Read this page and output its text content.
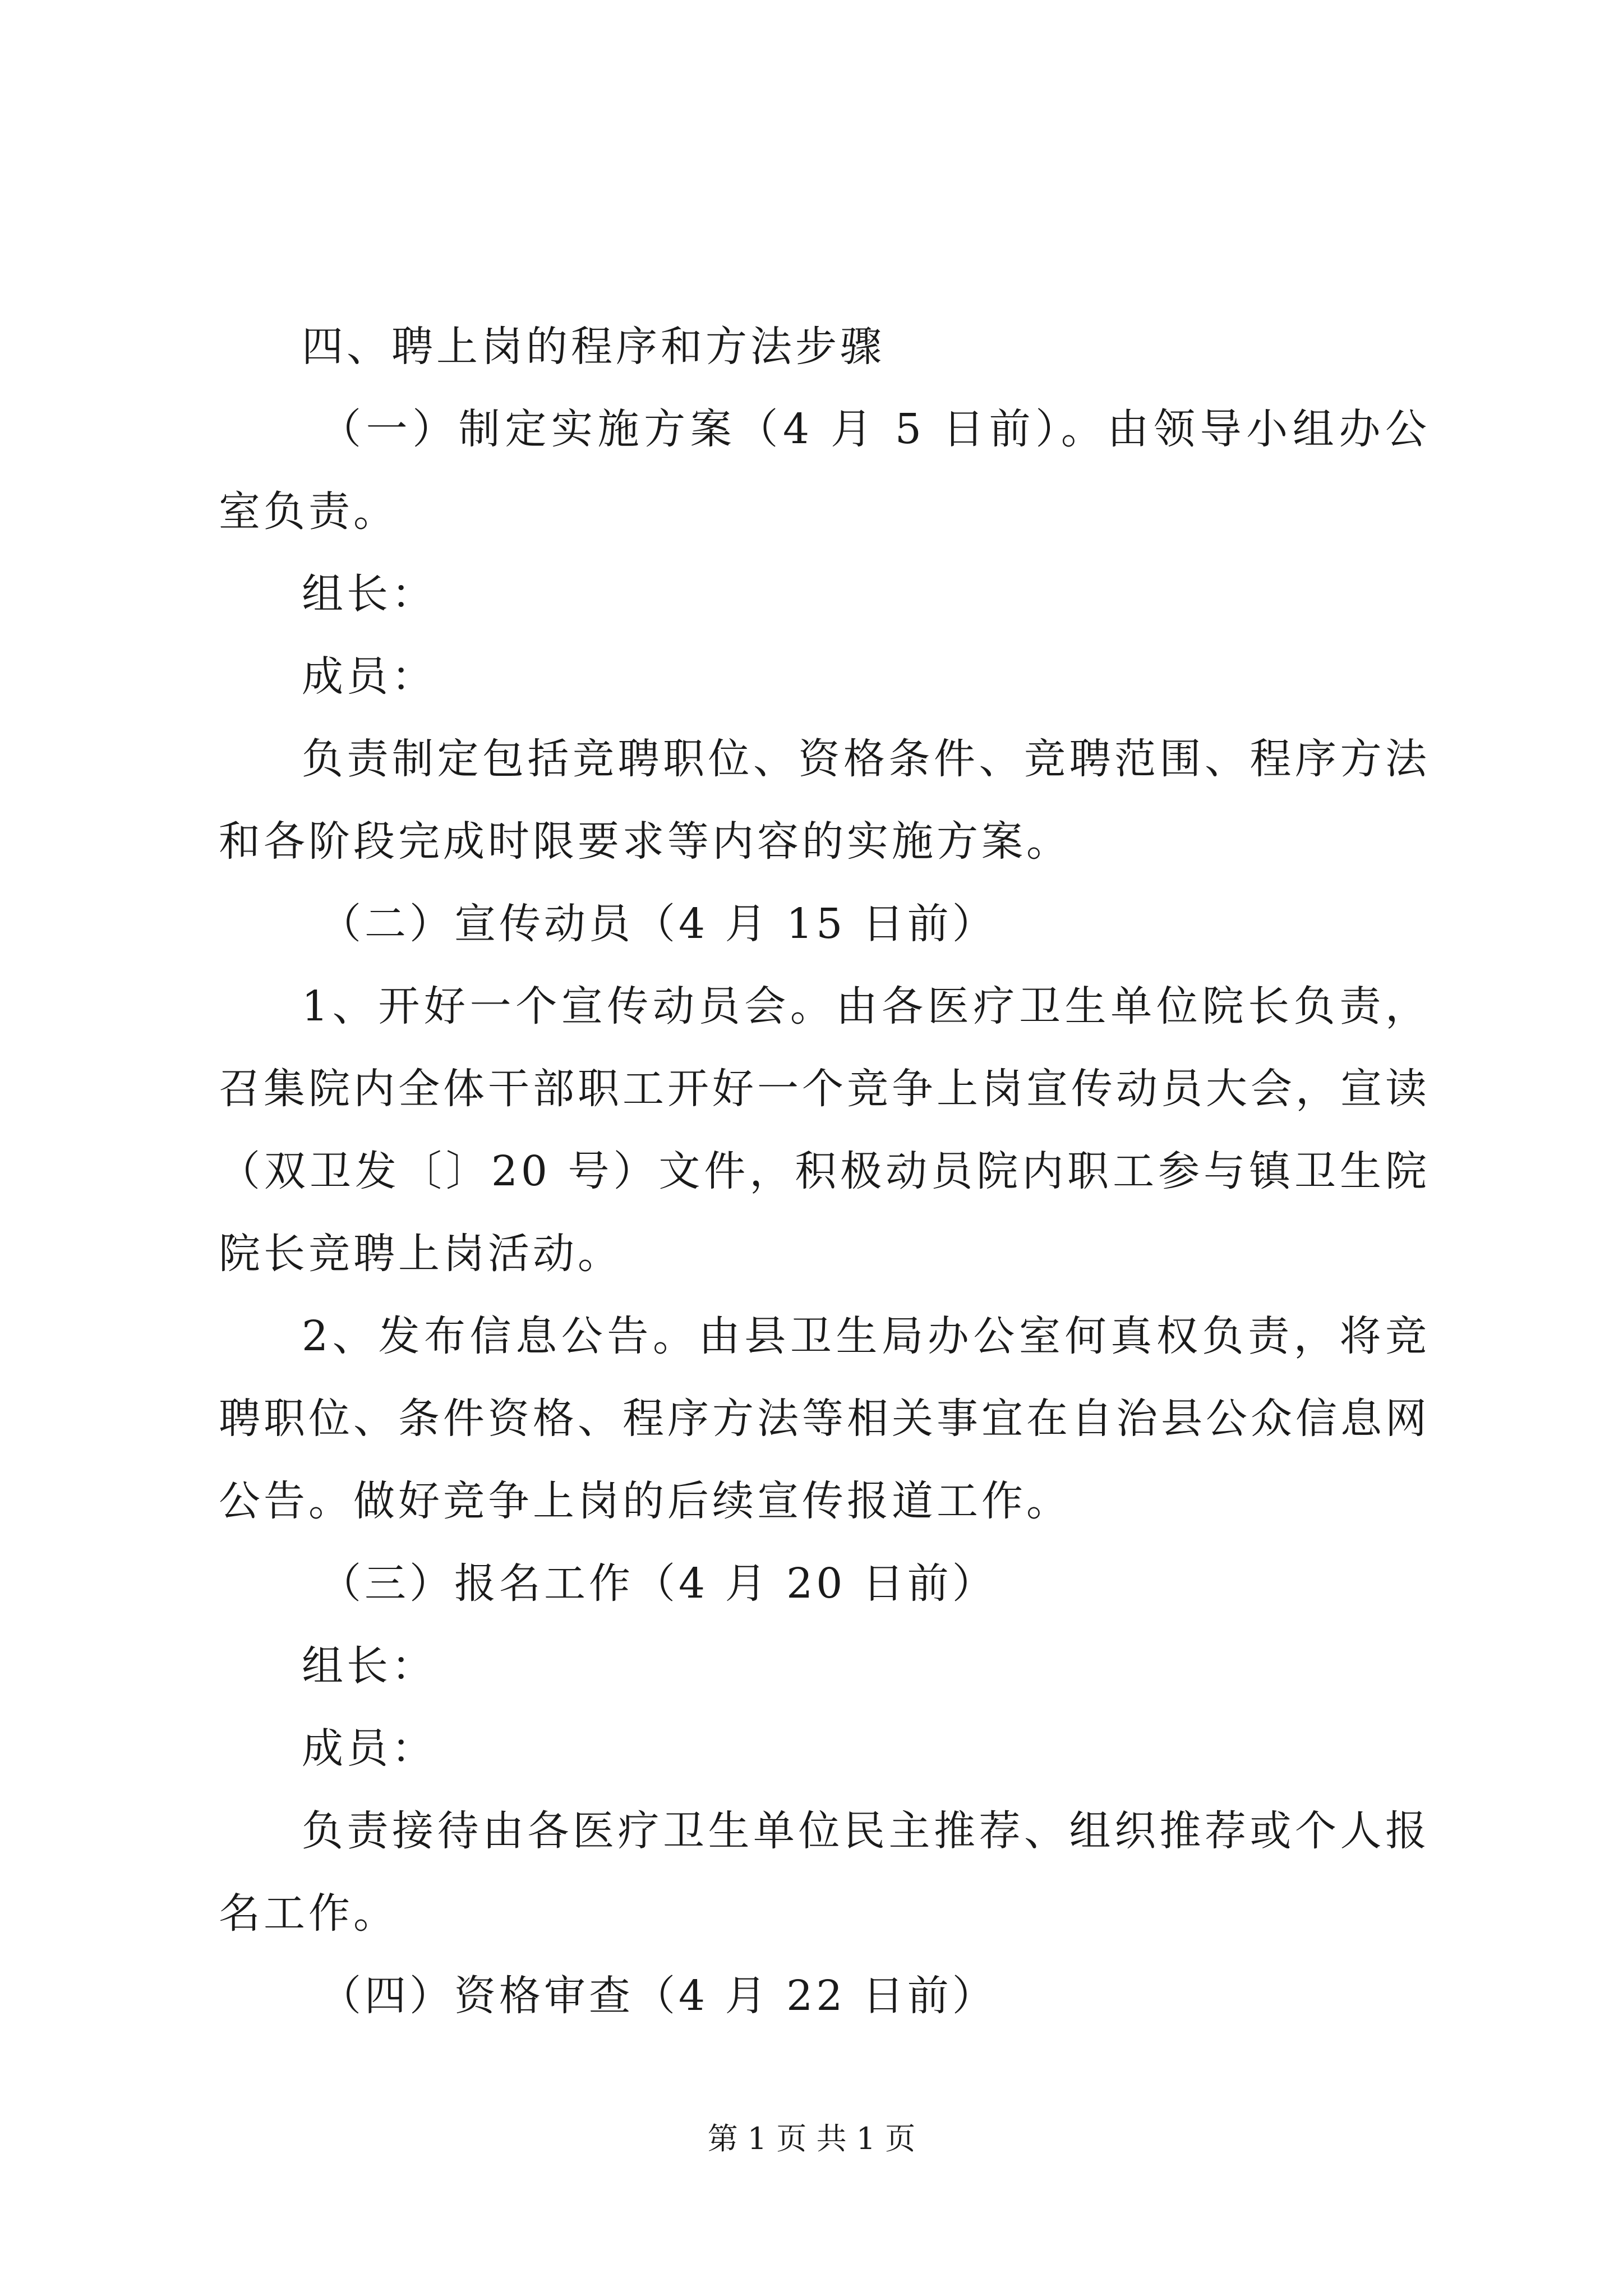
四、聘上岗的程序和方法步骤

（一）制定实施方案（4 月 5 日前）。由领导小组办公室负责。

组长：

成员：

负责制定包括竞聘职位、资格条件、竞聘范围、程序方法和各阶段完成时限要求等内容的实施方案。

（二）宣传动员（4 月 15 日前）

1、开好一个宣传动员会。由各医疗卫生单位院长负责，召集院内全体干部职工开好一个竞争上岗宣传动员大会，宣读（双卫发〔〕20 号）文件，积极动员院内职工参与镇卫生院院长竞聘上岗活动。

2、发布信息公告。由县卫生局办公室何真权负责，将竞聘职位、条件资格、程序方法等相关事宜在自治县公众信息网公告。做好竞争上岗的后续宣传报道工作。

（三）报名工作（4 月 20 日前）

组长：

成员：

负责接待由各医疗卫生单位民主推荐、组织推荐或个人报名工作。

（四）资格审查（4 月 22 日前）

第 1 页 共 1 页
